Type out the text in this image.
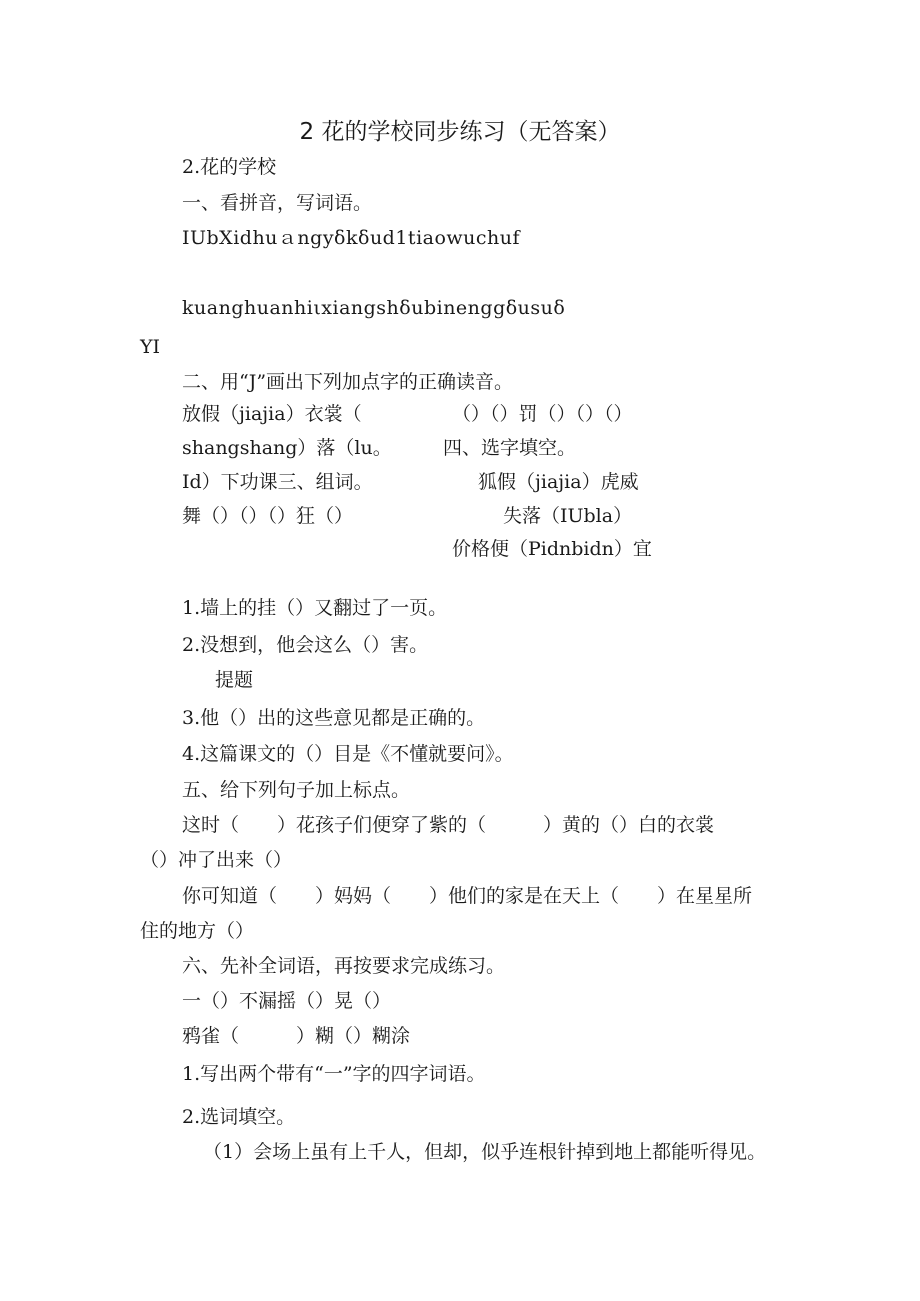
2 花的学校同步练习（无答案）
2.花的学校
一、看拼音，写词语。
IUbXidhuａngyδkδud1tiaowuchuf
kuanghuanhiιxiangshδubinenggδusuδ
YI
二、用“J”画出下列加点字的正确读音。
放假（jiajia）衣裳（	（）（）罚（）（）（）
shangshang）落（lu。	四、选字填空。
Id）下功课三、组词。	狐假（jiajia）虎威
舞（）（）（）狂（）	失落（IUbla）
价格便（Pidnbidn）宜
1.墙上的挂（）又翻过了一页。
2.没想到，他会这么（）害。
提题
3.他（）出的这些意见都是正确的。
4.这篇课文的（）目是《不懂就要问》。
五、给下列句子加上标点。
这时（　　）花孩子们便穿了紫的（　　　）黄的（）白的衣裳
（）冲了出来（）
你可知道（　　）妈妈（　　）他们的家是在天上（　　）在星星所
住的地方（）
六、先补全词语，再按要求完成练习。
一（）不漏摇（）晃（）
鸦雀（　　　）糊（）糊涂
1.写出两个带有“一”字的四字词语。
2.选词填空。
（1）会场上虽有上千人，但却，似乎连根针掉到地上都能听得见。
